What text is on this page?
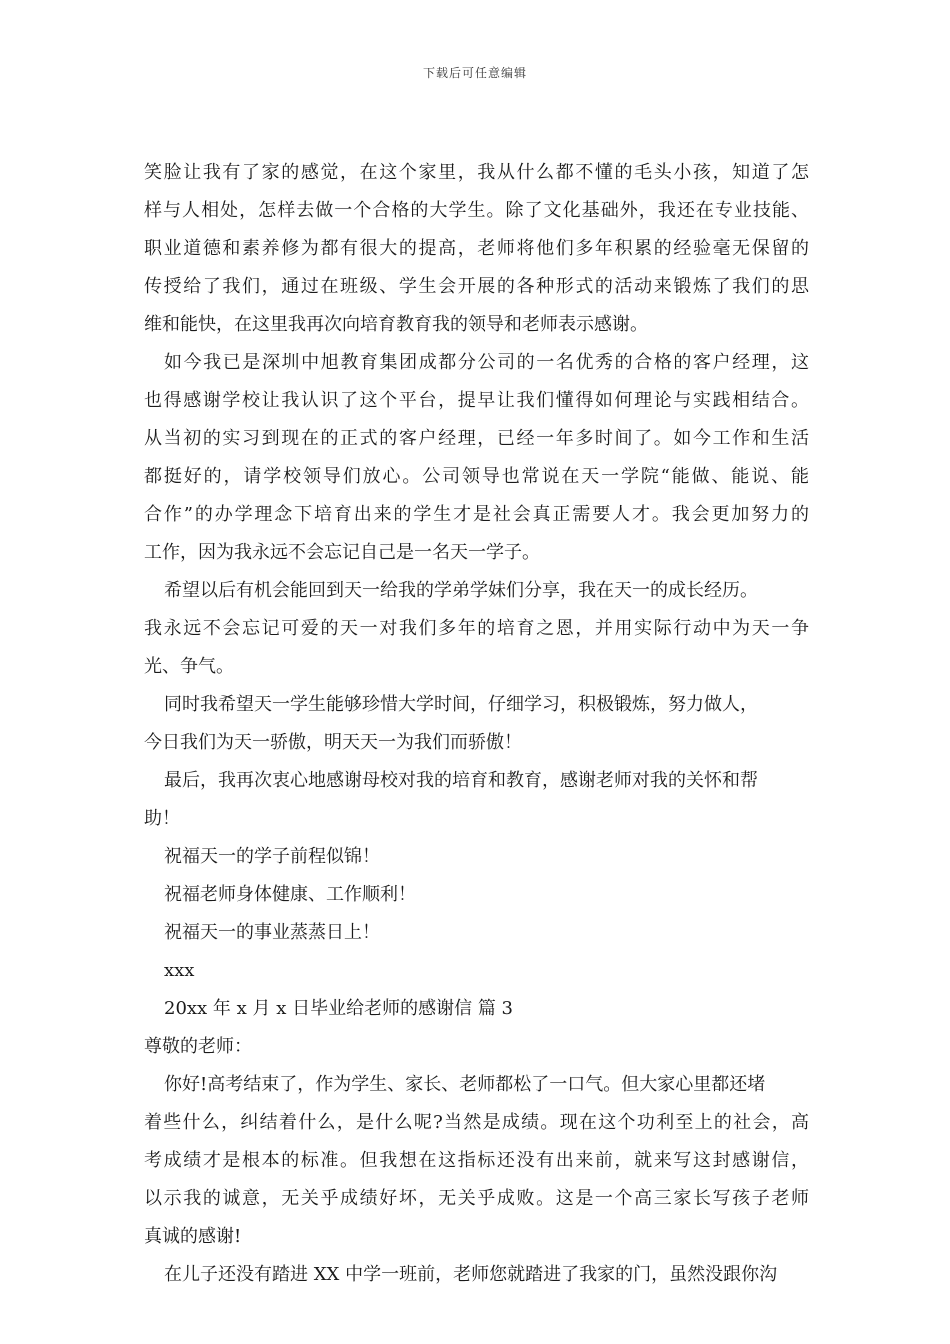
下载后可任意编辑
笑脸让我有了家的感觉，在这个家里，我从什么都不懂的毛头小孩，知道了怎
样与人相处，怎样去做一个合格的大学生。除了文化基础外，我还在专业技能、
职业道德和素养修为都有很大的提高，老师将他们多年积累的经验毫无保留的
传授给了我们，通过在班级、学生会开展的各种形式的活动来锻炼了我们的思
维和能快，在这里我再次向培育教育我的领导和老师表示感谢。
如今我已是深圳中旭教育集团成都分公司的一名优秀的合格的客户经理，这
也得感谢学校让我认识了这个平台，提早让我们懂得如何理论与实践相结合。
从当初的实习到现在的正式的客户经理，已经一年多时间了。如今工作和生活
都挺好的，请学校领导们放心。公司领导也常说在天一学院“能做、能说、能
合作”的办学理念下培育出来的学生才是社会真正需要人才。我会更加努力的
工作，因为我永远不会忘记自己是一名天一学子。
希望以后有机会能回到天一给我的学弟学妹们分享，我在天一的成长经历。
我永远不会忘记可爱的天一对我们多年的培育之恩，并用实际行动中为天一争
光、争气。
同时我希望天一学生能够珍惜大学时间，仔细学习，积极锻炼，努力做人，
今日我们为天一骄傲，明天天一为我们而骄傲！
最后，我再次衷心地感谢母校对我的培育和教育，感谢老师对我的关怀和帮
助！
祝福天一的学子前程似锦！
祝福老师身体健康、工作顺利！
祝福天一的事业蒸蒸日上！
xxx
20xx 年 x 月 x 日毕业给老师的感谢信 篇 3
尊敬的老师：
你好!高考结束了，作为学生、家长、老师都松了一口气。但大家心里都还堵
着些什么，纠结着什么，是什么呢?当然是成绩。现在这个功利至上的社会，高
考成绩才是根本的标准。但我想在这指标还没有出来前，就来写这封感谢信，
以示我的诚意，无关乎成绩好坏，无关乎成败。这是一个高三家长写孩子老师
真诚的感谢!
在儿子还没有踏进 XX 中学一班前，老师您就踏进了我家的门，虽然没跟你沟
